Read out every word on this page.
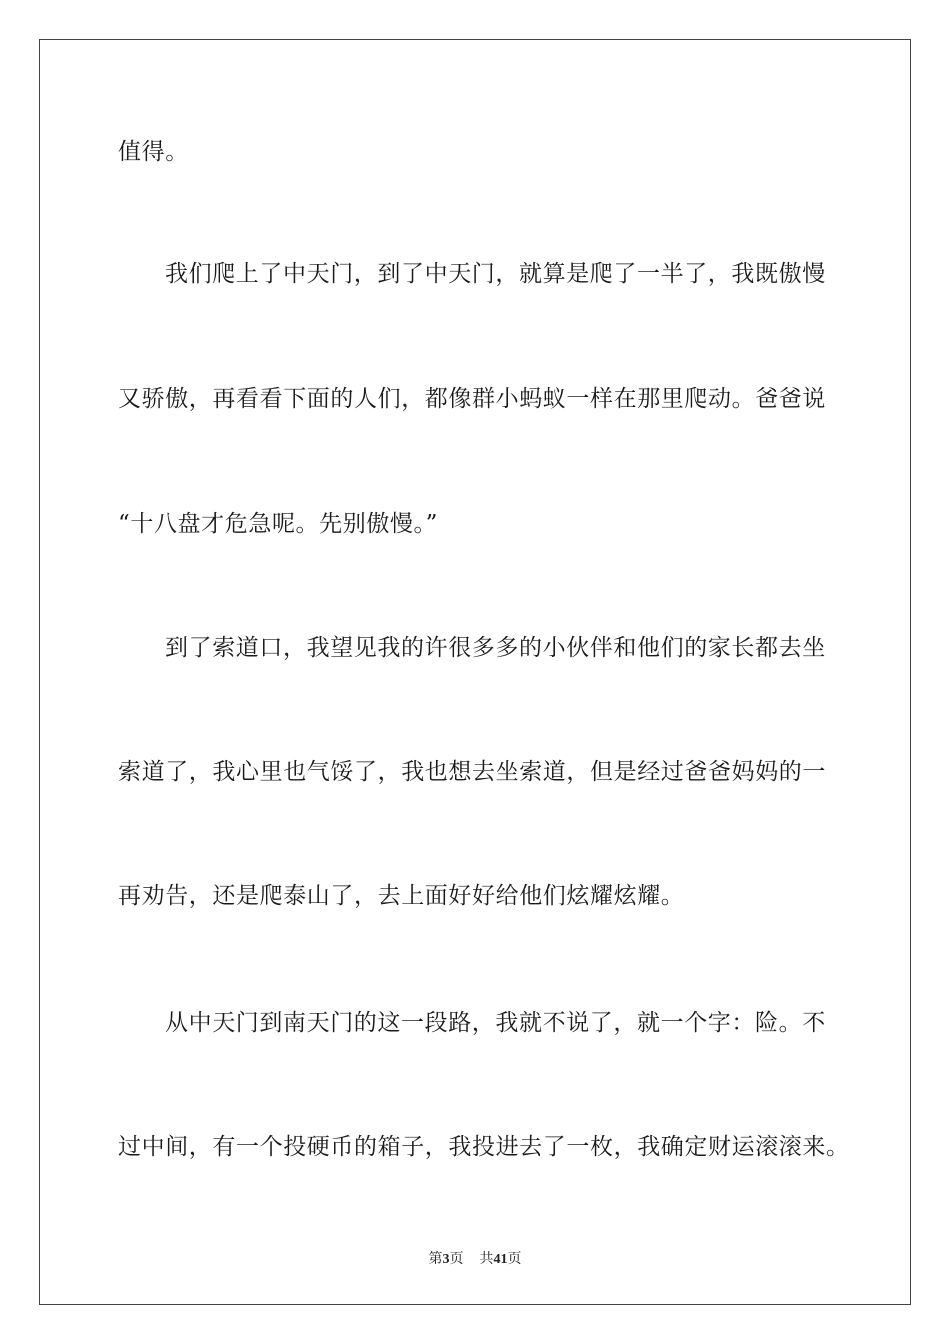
值得。

我们爬上了中天门，到了中天门，就算是爬了一半了，我既傲慢

又骄傲，再看看下面的人们，都像群小蚂蚁一样在那里爬动。爸爸说

“十八盘才危急呢。先别傲慢。”

到了索道口，我望见我的许很多多的小伙伴和他们的家长都去坐

索道了，我心里也气馁了，我也想去坐索道，但是经过爸爸妈妈的一

再劝告，还是爬泰山了，去上面好好给他们炫耀炫耀。

从中天门到南天门的这一段路，我就不说了，就一个字：险。不

过中间，有一个投硬币的箱子，我投进去了一枚，我确定财运滚滚来。

第3页 共41页
